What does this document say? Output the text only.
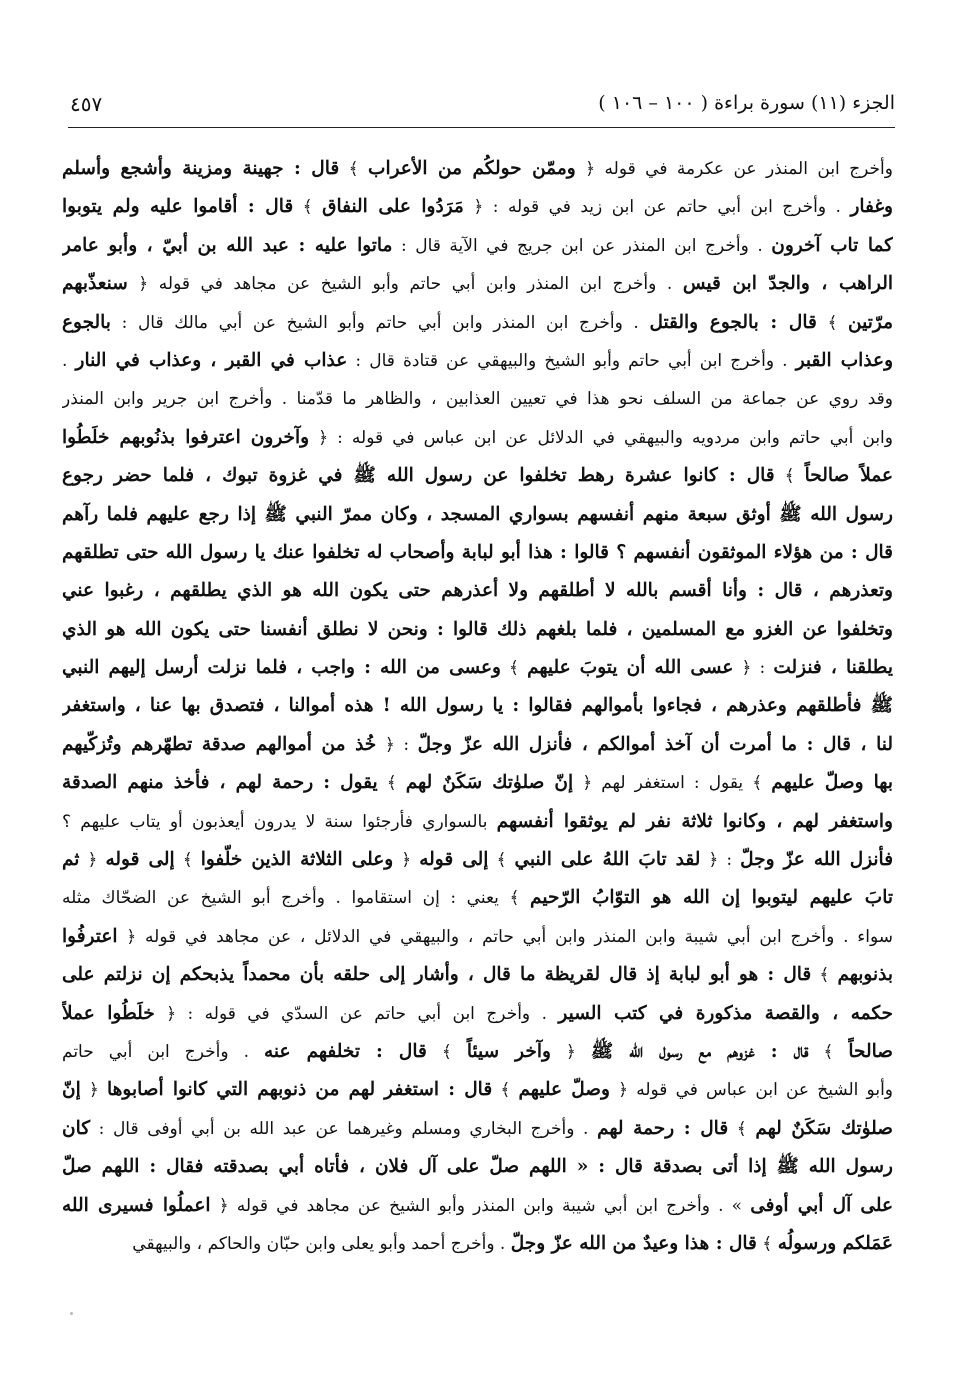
الجزء (١١) سورة براءة ( ١٠٠ – ١٠٦ )
٤٥٧
وأخرج ابن المنذر عن عكرمة في قوله ﴿ وممّن حولكُم من الأعراب ﴾ قال : جهينة ومزينة وأشجع وأسلم
وغفار . وأخرج ابن أبي حاتم عن ابن زيد في قوله : ﴿ مَرَدُوا على النفاق ﴾ قال : أقاموا عليه ولم يتوبوا
كما تاب آخرون . وأخرج ابن المنذر عن ابن جريج في الآية قال : ماتوا عليه : عبد الله بن أبيّ ، وأبو عامر
الراهب ، والجدّ ابن قيس . وأخرج ابن المنذر وابن أبي حاتم وأبو الشيخ عن مجاهد في قوله ﴿ سنعذّبهم
مرّتين ﴾ قال : بالجوع والقتل . وأخرج ابن المنذر وابن أبي حاتم وأبو الشيخ عن أبي مالك قال : بالجوع
وعذاب القبر . وأخرج ابن أبي حاتم وأبو الشيخ والبيهقي عن قتادة قال : عذاب في القبر ، وعذاب في النار .
وقد روي عن جماعة من السلف نحو هذا في تعيين العذابين ، والظاهر ما قدّمنا . وأخرج ابن جرير وابن المنذر
وابن أبي حاتم وابن مردويه والبيهقي في الدلائل عن ابن عباس في قوله : ﴿ وآخرون اعترفوا بذنُوبهم خلَطُوا
عملاً صالحاً ﴾ قال : كانوا عشرة رهط تخلفوا عن رسول الله ﷺ في غزوة تبوك ، فلما حضر رجوع
رسول الله ﷺ أوثق سبعة منهم أنفسهم بسواري المسجد ، وكان ممرّ النبي ﷺ إذا رجع عليهم فلما رآهم
قال : من هؤلاء الموثقون أنفسهم ؟ قالوا : هذا أبو لبابة وأصحاب له تخلفوا عنك يا رسول الله حتى تطلقهم
وتعذرهم ، قال : وأنا أقسم بالله لا أطلقهم ولا أعذرهم حتى يكون الله هو الذي يطلقهم ، رغبوا عني
وتخلفوا عن الغزو مع المسلمين ، فلما بلغهم ذلك قالوا : ونحن لا نطلق أنفسنا حتى يكون الله هو الذي
يطلقنا ، فنزلت : ﴿ عسى الله أن يتوبَ عليهم ﴾ وعسى من الله : واجب ، فلما نزلت أرسل إليهم النبي
ﷺ فأطلقهم وعذرهم ، فجاءوا بأموالهم فقالوا : يا رسول الله ! هذه أموالنا ، فتصدق بها عنا ، واستغفر
لنا ، قال : ما أمرت أن آخذ أموالكم ، فأنزل الله عزّ وجلّ : ﴿ خُذ من أموالهم صدقة تطهّرهم وتُزكّيهم
بها وصلّ عليهم ﴾ يقول : استغفر لهم ﴿ إنّ صلوٰتك سَكَنٌ لهم ﴾ يقول : رحمة لهم ، فأخذ منهم الصدقة
واستغفر لهم ، وكانوا ثلاثة نفر لم يوثقوا أنفسهم بالسواري فأرجئوا سنة لا يدرون أيعذبون أو يتاب عليهم ؟
فأنزل الله عزّ وجلّ : ﴿ لقد تابَ اللهُ على النبي ﴾ إلى قوله ﴿ وعلى الثلاثة الذين خلّفوا ﴾ إلى قوله ﴿ ثم
تابَ عليهم ليتوبوا إن الله هو التوّابُ الرّحيم ﴾ يعني : إن استقاموا . وأخرج أبو الشيخ عن الضحّاك مثله
سواء . وأخرج ابن أبي شيبة وابن المنذر وابن أبي حاتم ، والبيهقي في الدلائل ، عن مجاهد في قوله ﴿ اعترفُوا
بذنوبهم ﴾ قال : هو أبو لبابة إذ قال لقريظة ما قال ، وأشار إلى حلقه بأن محمداً يذبحكم إن نزلتم على
حكمه ، والقصة مذكورة في كتب السير . وأخرج ابن أبي حاتم عن السدّي في قوله : ﴿ خلَطُوا عملاً
صالحاً ﴾ قال : غزوهم مع رسول الله ﷺ ﴿ وآخر سيئاً ﴾ قال : تخلفهم عنه . وأخرج ابن أبي حاتم
وأبو الشيخ عن ابن عباس في قوله ﴿ وصلّ عليهم ﴾ قال : استغفر لهم من ذنوبهم التي كانوا أصابوها ﴿ إنّ
صلوٰتك سَكَنٌ لهم ﴾ قال : رحمة لهم . وأخرج البخاري ومسلم وغيرهما عن عبد الله بن أبي أوفى قال : كان
رسول الله ﷺ إذا أتى بصدقة قال : « اللهم صلّ على آل فلان ، فأتاه أبي بصدقته فقال : اللهم صلّ
على آل أبي أوفى » . وأخرج ابن أبي شيبة وابن المنذر وأبو الشيخ عن مجاهد في قوله ﴿ اعملُوا فسيرى الله
عَمَلكم ورسولُه ﴾ قال : هذا وعيدٌ من الله عزّ وجلّ . وأخرج أحمد وأبو يعلى وابن حبّان والحاكم ، والبيهقي
